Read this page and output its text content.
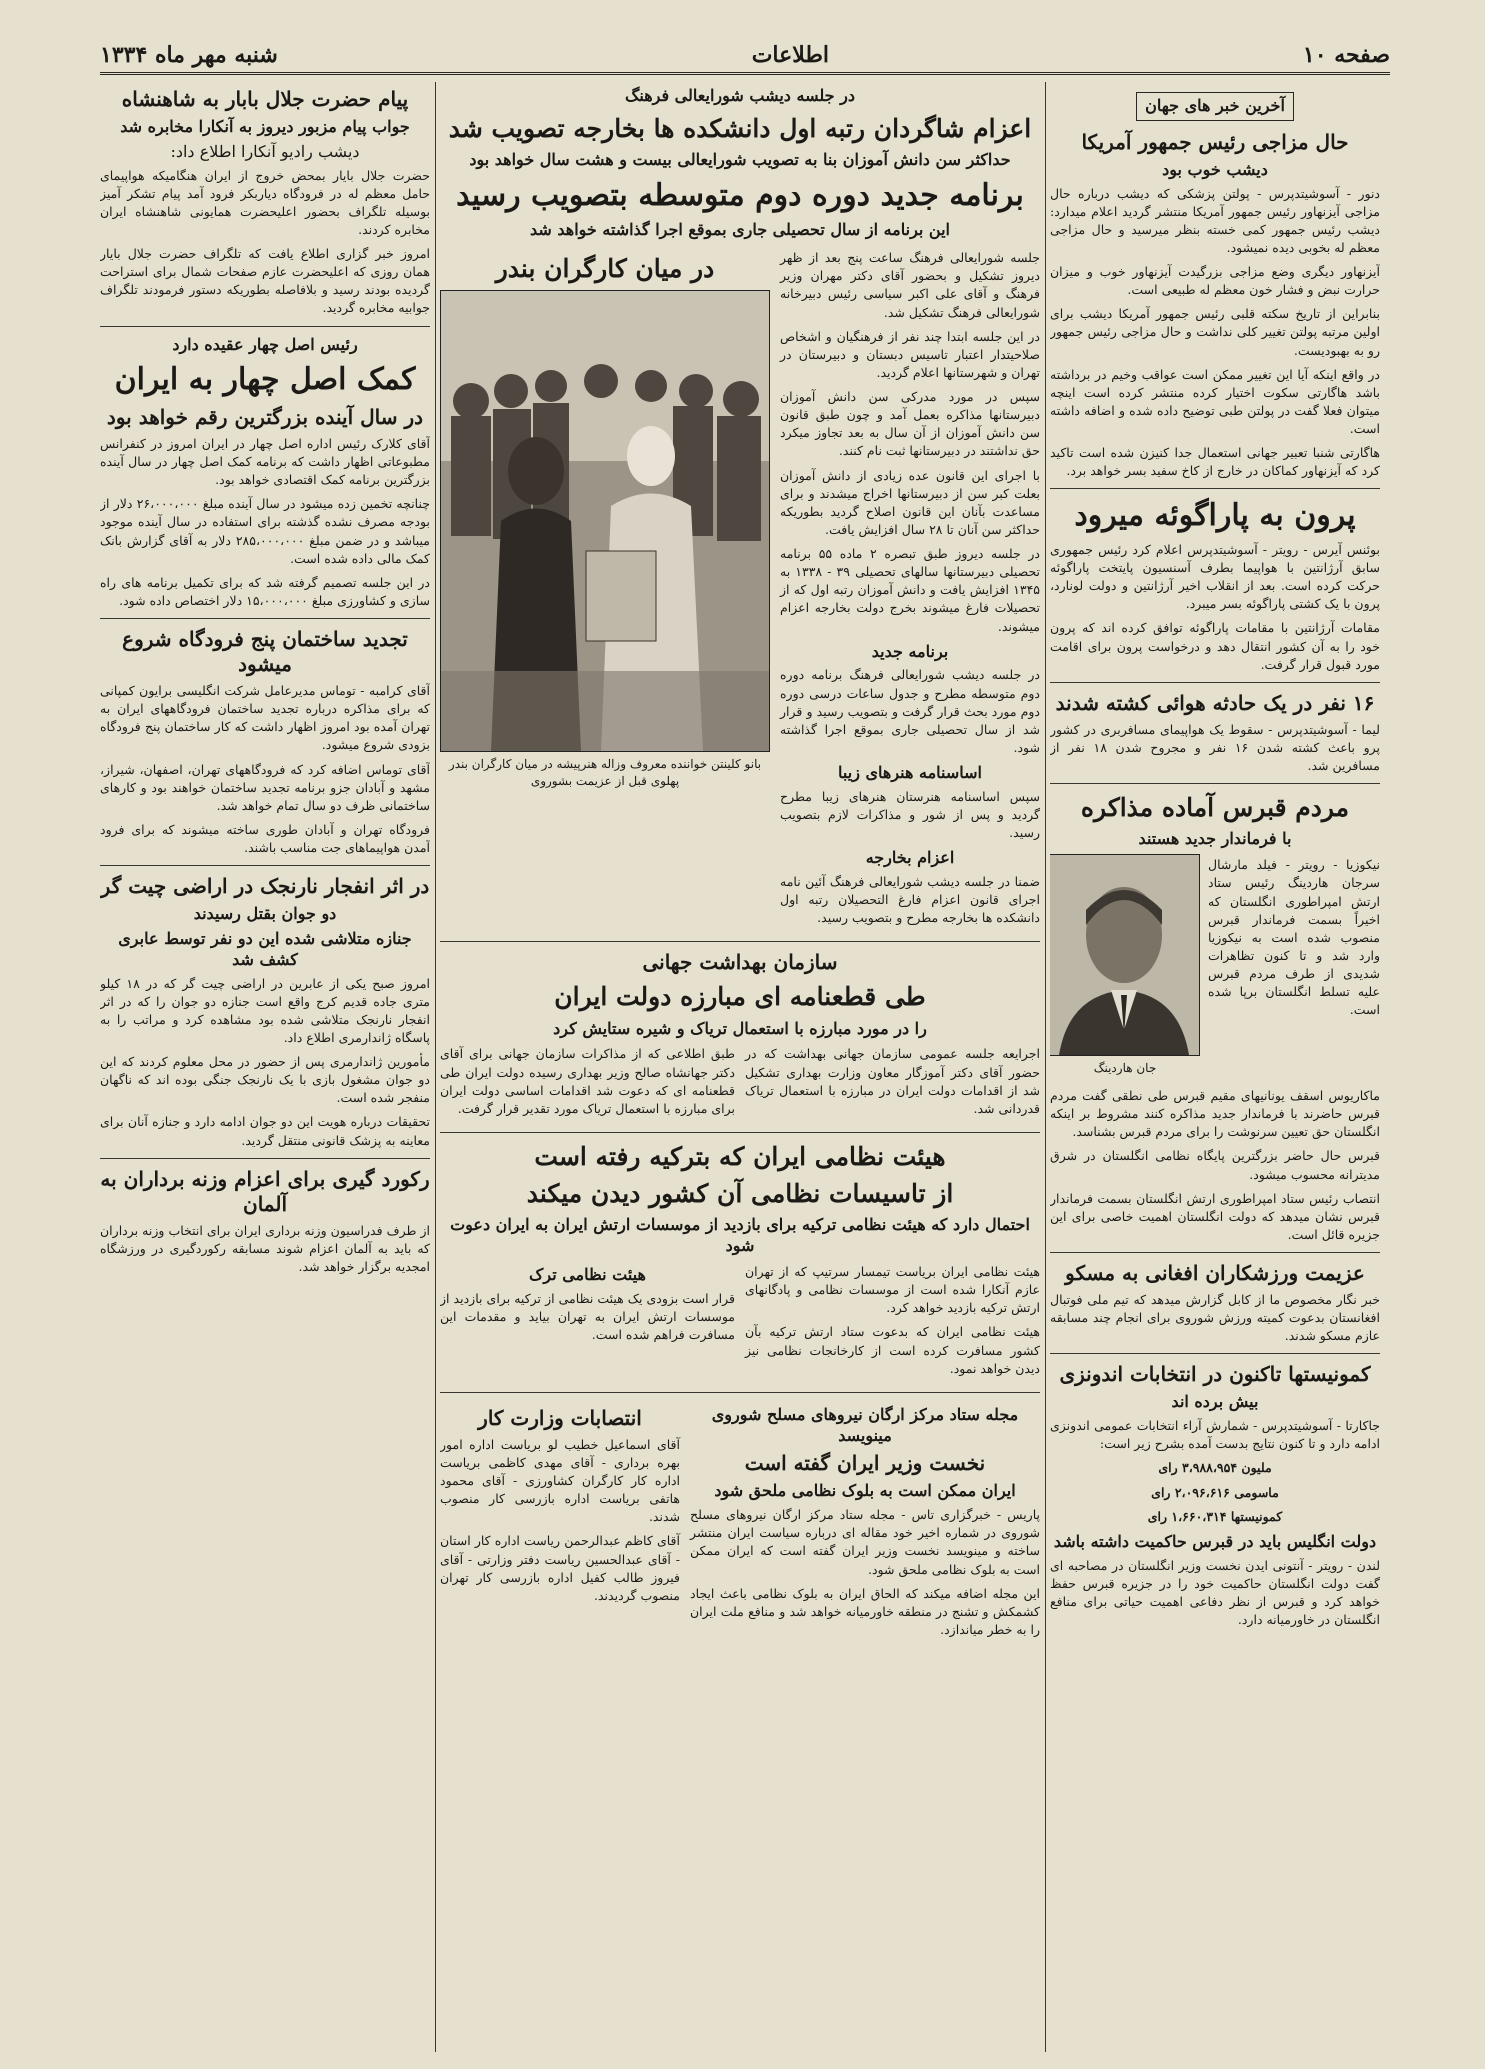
صفحه ۱۰
اطلاعات
شنبه مهر ماه ۱۳۳۴
آخرین خبر های جهان
حال مزاجی رئیس جمهور آمریکا
دیشب خوب بود

دنور - آسوشیتدپرس - پولتن پزشکی که دیشب درباره حال مزاجی آیزنهاور رئیس جمهور آمریکا منتشر گردید اعلام میدارد: دیشب رئیس جمهور کمی خسته بنظر میرسید و حال مزاجی معظم له بخوبی دیده نمیشود.

آیزنهاور دیگری وضع مزاجی بزرگیدت آیزنهاور خوب و میزان حرارت نبض و فشار خون معظم له طبیعی است.

بنابراین از تاریخ سکته قلبی رئیس جمهور آمریکا دیشب برای اولین مرتبه پولتن تغییر کلی نداشت و حال مزاجی رئیس جمهور رو به بهبودیست.

در واقع اینکه آیا این تغییر ممکن است عواقب وخیم در برداشته باشد هاگارتی سکوت اختیار کرده منتشر کرده است اینچه میتوان فعلا گفت در پولتن طبی توضیح داده شده و اضافه داشته است.

هاگارتی شنبا تعبیر جهانی استعمال جدا کنیزن شده است تاکید کرد که آیزنهاور کماکان در خارج از کاخ سفید بسر خواهد برد.

پرون به پاراگوئه میرود

بوئنس آیرس - رویتر - آسوشیتدپرس اعلام کرد رئیس جمهوری سابق آرژانتین با هواپیما بطرف آسنسیون پایتخت پاراگوئه حرکت کرده است. بعد از انقلاب اخیر آرژانتین و دولت لونارد، پرون با یک کشتی پاراگوئه بسر میبرد.

مقامات آرژانتین با مقامات پاراگوئه توافق کرده اند که پرون خود را به آن کشور انتقال دهد و درخواست پرون برای اقامت مورد قبول قرار گرفت.

۱۶ نفر در یک حادثه هوائی کشته شدند

لیما - آسوشیتدپرس - سقوط یک هواپیمای مسافربری در کشور پرو باعث کشته شدن ۱۶ نفر و مجروح شدن ۱۸ نفر از مسافرین شد.

مردم قبرس آماده مذاکره
با فرماندار جدید هستند

نیکوزیا - رویتر - فیلد مارشال سرجان هاردینگ رئیس ستاد ارتش امپراطوری انگلستان که اخیراً بسمت فرماندار قبرس منصوب شده است به نیکوزیا وارد شد و تا کنون تظاهرات شدیدی از طرف مردم قبرس علیه تسلط انگلستان برپا شده است.

جان هاردینگ

ماکاریوس اسقف یونانیهای مقیم قبرس طی نطقی گفت مردم قبرس حاضرند با فرماندار جدید مذاکره کنند مشروط بر اینکه انگلستان حق تعیین سرنوشت را برای مردم قبرس بشناسد.

قبرس حال حاضر بزرگترین پایگاه نظامی انگلستان در شرق مدیترانه محسوب میشود.

انتصاب رئیس ستاد امپراطوری ارتش انگلستان بسمت فرماندار قبرس نشان میدهد که دولت انگلستان اهمیت خاصی برای این جزیره قائل است.

عزیمت ورزشکاران افغانی به مسکو

خبر نگار مخصوص ما از کابل گزارش میدهد که تیم ملی فوتبال افغانستان بدعوت کمیته ورزش شوروی برای انجام چند مسابقه عازم مسکو شدند.

کمونیستها تاکنون در انتخابات اندونزی
بیش برده اند

جاکارتا - آسوشیتدپرس - شمارش آراء انتخابات عمومی اندونزی ادامه دارد و تا کنون نتایج بدست آمده بشرح زیر است:

ملیون ۳،۹۸۸،۹۵۴ رای

ماسومی ۲،۰۹۶،۶۱۶ رای

کمونیستها ۱،۶۶۰،۳۱۴ رای

دولت انگلیس باید در قبرس حاکمیت داشته باشد

لندن - رویتر - آنتونی ایدن نخست وزیر انگلستان در مصاحبه ای گفت دولت انگلستان حاکمیت خود را در جزیره قبرس حفظ خواهد کرد و قبرس از نظر دفاعی اهمیت حیاتی برای منافع انگلستان در خاورمیانه دارد.

در جلسه دیشب شورایعالی فرهنگ
اعزام شاگردان رتبه اول دانشکده ها بخارجه تصویب شد
حداکثر سن دانش آموزان بنا به تصویب شورایعالی بیست و هشت سال خواهد بود
برنامه جدید دوره دوم متوسطه بتصویب رسید
این برنامه از سال تحصیلی جاری بموقع اجرا گذاشته خواهد شد

جلسه شورایعالی فرهنگ ساعت پنج بعد از ظهر دیروز تشکیل و بحضور آقای دکتر مهران وزیر فرهنگ و آقای علی اکبر سیاسی رئیس دبیرخانه شورایعالی فرهنگ تشکیل شد.

در این جلسه ابتدا چند نفر از فرهنگیان و اشخاص صلاحیتدار اعتبار تاسیس دبستان و دبیرستان در تهران و شهرستانها اعلام گردید.

سپس در مورد مدرکی سن دانش آموزان دبیرستانها مذاکره بعمل آمد و چون طبق قانون سن دانش آموزان از آن سال به بعد تجاوز میکرد حق نداشتند در دبیرستانها ثبت نام کنند.

با اجرای این قانون عده زیادی از دانش آموزان بعلت کبر سن از دبیرستانها اخراج میشدند و برای مساعدت بآنان این قانون اصلاح گردید بطوریکه حداکثر سن آنان تا ۲۸ سال افزایش یافت.

در جلسه دیروز طبق تبصره ۲ ماده ۵۵ برنامه تحصیلی دبیرستانها سالهای تحصیلی ۳۹ - ۱۳۳۸ به ۱۳۴۵ افزایش یافت و دانش آموزان رتبه اول که از تحصیلات فارغ میشوند بخرج دولت بخارجه اعزام میشوند.

برنامه جدید

در جلسه دیشب شورایعالی فرهنگ برنامه دوره دوم متوسطه مطرح و جدول ساعات درسی دوره دوم مورد بحث قرار گرفت و بتصویب رسید و قرار شد از سال تحصیلی جاری بموقع اجرا گذاشته شود.

اساسنامه هنرهای زیبا

سپس اساسنامه هنرستان هنرهای زیبا مطرح گردید و پس از شور و مذاکرات لازم بتصویب رسید.

اعزام بخارجه

ضمنا در جلسه دیشب شورایعالی فرهنگ آئین نامه اجرای قانون اعزام فارغ التحصیلان رتبه اول دانشکده ها بخارجه مطرح و بتصویب رسید.

در میان کارگران بندر
بانو کلینتن خواننده معروف وزاله هنرپیشه در میان کارگران بندر پهلوی قبل از عزیمت بشوروی
سازمان بهداشت جهانی
طی قطعنامه ای مبارزه دولت ایران
را در مورد مبارزه با استعمال تریاک و شیره ستایش کرد

اجرایعه جلسه عمومی سازمان جهانی بهداشت که در حضور آقای دکتر آموزگار معاون وزارت بهداری تشکیل شد از اقدامات دولت ایران در مبارزه با استعمال تریاک قدردانی شد.

طبق اطلاعی که از مذاکرات سازمان جهانی برای آقای دکتر جهانشاه صالح وزیر بهداری رسیده دولت ایران طی قطعنامه ای که دعوت شد اقدامات اساسی دولت ایران برای مبارزه با استعمال تریاک مورد تقدیر قرار گرفت.

هیئت نظامی ایران که بترکیه رفته است
از تاسیسات نظامی آن کشور دیدن میکند
احتمال دارد که هیئت نظامی ترکیه برای بازدید از موسسات ارتش ایران به ایران دعوت شود

هیئت نظامی ایران بریاست تیمسار سرتیپ که از تهران عازم آنکارا شده است از موسسات نظامی و پادگانهای ارتش ترکیه بازدید خواهد کرد.

هیئت نظامی ایران که بدعوت ستاد ارتش ترکیه بآن کشور مسافرت کرده است از کارخانجات نظامی نیز دیدن خواهد نمود.

هیئت نظامی ترک

قرار است بزودی یک هیئت نظامی از ترکیه برای بازدید از موسسات ارتش ایران به تهران بیاید و مقدمات این مسافرت فراهم شده است.

مجله ستاد مرکز ارگان نیروهای مسلح شوروی مینویسد
نخست وزیر ایران گفته است
ایران ممکن است به بلوک نظامی ملحق شود

پاریس - خبرگزاری تاس - مجله ستاد مرکز ارگان نیروهای مسلح شوروی در شماره اخیر خود مقاله ای درباره سیاست ایران منتشر ساخته و مینویسد نخست وزیر ایران گفته است که ایران ممکن است به بلوک نظامی ملحق شود.

این مجله اضافه میکند که الحاق ایران به بلوک نظامی باعث ایجاد کشمکش و تشنج در منطقه خاورمیانه خواهد شد و منافع ملت ایران را به خطر میاندازد.

انتصابات وزارت کار

آقای اسماعیل خطیب لو بریاست اداره امور بهره برداری - آقای مهدی کاظمی بریاست اداره کار کارگران کشاورزی - آقای محمود هاتفی بریاست اداره بازرسی کار منصوب شدند.

آقای کاظم عبدالرحمن ریاست اداره کار استان - آقای عبدالحسین ریاست دفتر وزارتی - آقای فیروز طالب کفیل اداره بازرسی کار تهران منصوب گردیدند.

پیام حضرت جلال بابار به شاهنشاه
جواب پیام مزبور دیروز به آنکارا مخابره شد
دیشب رادیو آنکارا اطلاع داد:

حضرت جلال بایار بمحض خروج از ایران هنگامیکه هواپیمای حامل معظم له در فرودگاه دیاربکر فرود آمد پیام تشکر آمیز بوسیله تلگراف بحضور اعلیحضرت همایونی شاهنشاه ایران مخابره کردند.

امروز خبر گزاری اطلاع یافت که تلگراف حضرت جلال بایار همان روزی که اعلیحضرت عازم صفحات شمال برای استراحت گردیده بودند رسید و بلافاصله بطوریکه دستور فرمودند تلگراف جوابیه مخابره گردید.

رئیس اصل چهار عقیده دارد
کمک اصل چهار به ایران
در سال آینده بزرگترین رقم خواهد بود

آقای کلارک رئیس اداره اصل چهار در ایران امروز در کنفرانس مطبوعاتی اظهار داشت که برنامه کمک اصل چهار در سال آینده بزرگترین برنامه کمک اقتصادی خواهد بود.

چنانچه تخمین زده میشود در سال آینده مبلغ ۲۶،۰۰۰،۰۰۰ دلار از بودجه مصرف نشده گذشته برای استفاده در سال آینده موجود میباشد و در ضمن مبلغ ۲۸۵،۰۰۰،۰۰۰ دلار به آقای گزارش بانک کمک مالی داده شده است.

در این جلسه تصمیم گرفته شد که برای تکمیل برنامه های راه سازی و کشاورزی مبلغ ۱۵،۰۰۰،۰۰۰ دلار اختصاص داده شود.

تجدید ساختمان پنج فرودگاه شروع میشود

آقای کرامبه - توماس مدیرعامل شرکت انگلیسی برایون کمپانی که برای مذاکره درباره تجدید ساختمان فرودگاههای ایران به تهران آمده بود امروز اظهار داشت که کار ساختمان پنج فرودگاه بزودی شروع میشود.

آقای توماس اضافه کرد که فرودگاههای تهران، اصفهان، شیراز، مشهد و آبادان جزو برنامه تجدید ساختمان خواهند بود و کارهای ساختمانی ظرف دو سال تمام خواهد شد.

فرودگاه تهران و آبادان طوری ساخته میشوند که برای فرود آمدن هواپیماهای جت مناسب باشند.

در اثر انفجار نارنجک در اراضی چیت گر
دو جوان بقتل رسیدند
جنازه متلاشی شده این دو نفر توسط عابری کشف شد

امروز صبح یکی از عابرین در اراضی چیت گر که در ۱۸ کیلو متری جاده قدیم کرج واقع است جنازه دو جوان را که در اثر انفجار نارنجک متلاشی شده بود مشاهده کرد و مراتب را به پاسگاه ژاندارمری اطلاع داد.

مأمورین ژاندارمری پس از حضور در محل معلوم کردند که این دو جوان مشغول بازی با یک نارنجک جنگی بوده اند که ناگهان منفجر شده است.

تحقیقات درباره هویت این دو جوان ادامه دارد و جنازه آنان برای معاینه به پزشک قانونی منتقل گردید.

رکورد گیری برای اعزام وزنه برداران به آلمان

از طرف فدراسیون وزنه برداری ایران برای انتخاب وزنه برداران که باید به آلمان اعزام شوند مسابقه رکوردگیری در ورزشگاه امجدیه برگزار خواهد شد.
